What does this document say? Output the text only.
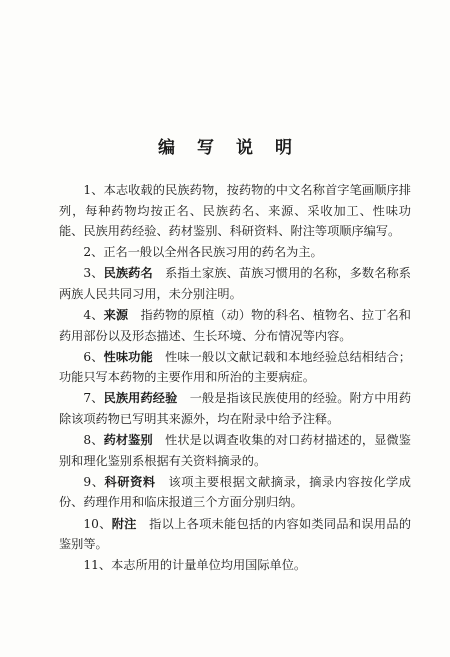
编写说明

1、本志收载的民族药物，按药物的中文名称首字笔画顺序排列，每种药物均按正名、民族药名、来源、采收加工、性味功能、民族用药经验、药材鉴别、科研资料、附注等项顺序编写。

2、正名一般以全州各民族习用的药名为主。

3、民族药名　系指土家族、苗族习惯用的名称，多数名称系两族人民共同习用，未分别注明。

4、来源　指药物的原植（动）物的科名、植物名、拉丁名和药用部份以及形态描述、生长环境、分布情况等内容。

6、性味功能　性味一般以文献记载和本地经验总结相结合；功能只写本药物的主要作用和所治的主要病症。

7、民族用药经验　一般是指该民族使用的经验。附方中用药除该项药物已写明其来源外，均在附录中给予注释。

8、药材鉴别　性状是以调查收集的对口药材描述的，显微鉴别和理化鉴别系根据有关资料摘录的。

9、科研资料　该项主要根据文献摘录，摘录内容按化学成份、药理作用和临床报道三个方面分别归纳。

10、附注　指以上各项未能包括的内容如类同品和误用品的鉴别等。

11、本志所用的计量单位均用国际单位。
